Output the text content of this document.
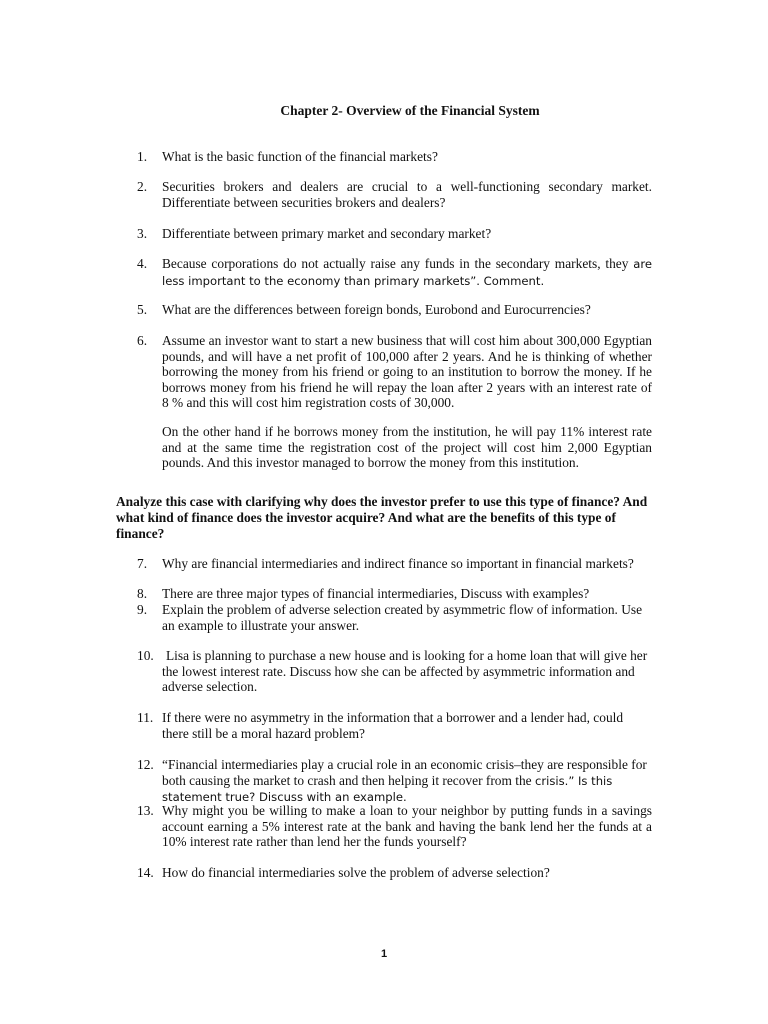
Chapter 2- Overview of the Financial System
1.	What is the basic function of the financial markets?
2.	Securities brokers and dealers are crucial to a well-functioning secondary market. Differentiate between securities brokers and dealers?
3.	Differentiate between primary market and secondary market?
4.	Because corporations do not actually raise any funds in the secondary markets, they are less important to the economy than primary markets”. Comment.
5.	What are the differences between foreign bonds, Eurobond and Eurocurrencies?
6.	Assume an investor want to start a new business that will cost him about 300,000 Egyptian pounds, and will have a net profit of 100,000 after 2 years. And he is thinking of whether borrowing the money from his friend or going to an institution to borrow the money. If he borrows money from his friend he will repay the loan after 2 years with an interest rate of 8 % and this will cost him registration costs of 30,000.
On the other hand if he borrows money from the institution, he will pay 11% interest rate and at the same time the registration cost of the project will cost him 2,000 Egyptian pounds. And this investor managed to borrow the money from this institution.
Analyze this case with clarifying why does the investor prefer to use this type of finance? And what kind of finance does the investor acquire? And what are the benefits of this type of finance?
7.	Why are financial intermediaries and indirect finance so important in financial markets?
8.	There are three major types of financial intermediaries, Discuss with examples?
9.	Explain the problem of adverse selection created by asymmetric flow of information. Use an example to illustrate your answer.
10. Lisa is planning to purchase a new house and is looking for a home loan that will give her the lowest interest rate. Discuss how she can be affected by asymmetric information and adverse selection.
11. If there were no asymmetry in the information that a borrower and a lender had, could there still be a moral hazard problem?
12. “Financial intermediaries play a crucial role in an economic crisis–they are responsible for both causing the market to crash and then helping it recover from the crisis.” Is this statement true? Discuss with an example.
13. Why might you be willing to make a loan to your neighbor by putting funds in a savings account earning a 5% interest rate at the bank and having the bank lend her the funds at a 10% interest rate rather than lend her the funds yourself?
14. How do financial intermediaries solve the problem of adverse selection?
1
